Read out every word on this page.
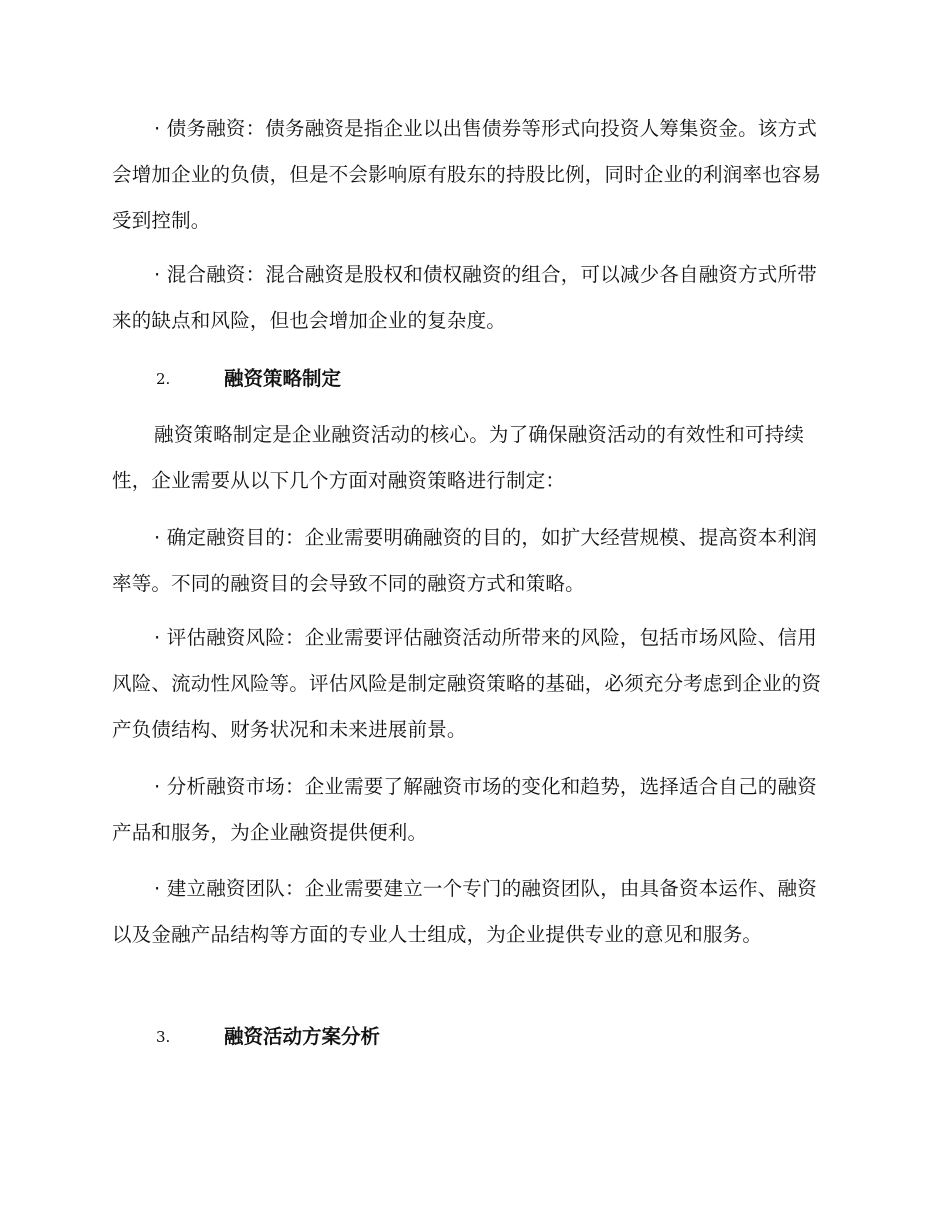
· 债务融资：债务融资是指企业以出售债券等形式向投资人筹集资金。该方式会增加企业的负债，但是不会影响原有股东的持股比例，同时企业的利润率也容易受到控制。

· 混合融资：混合融资是股权和债权融资的组合，可以减少各自融资方式所带来的缺点和风险，但也会增加企业的复杂度。

2.	融资策略制定

融资策略制定是企业融资活动的核心。为了确保融资活动的有效性和可持续性，企业需要从以下几个方面对融资策略进行制定：

· 确定融资目的：企业需要明确融资的目的，如扩大经营规模、提高资本利润率等。不同的融资目的会导致不同的融资方式和策略。

· 评估融资风险：企业需要评估融资活动所带来的风险，包括市场风险、信用风险、流动性风险等。评估风险是制定融资策略的基础，必须充分考虑到企业的资产负债结构、财务状况和未来进展前景。

· 分析融资市场：企业需要了解融资市场的变化和趋势，选择适合自己的融资产品和服务，为企业融资提供便利。

· 建立融资团队：企业需要建立一个专门的融资团队，由具备资本运作、融资以及金融产品结构等方面的专业人士组成，为企业提供专业的意见和服务。

3.	融资活动方案分析
